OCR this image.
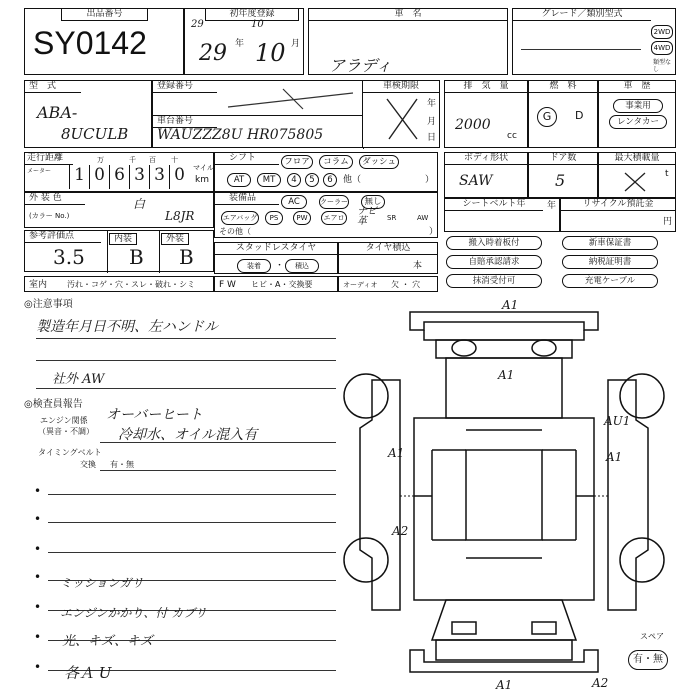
出品番号
SY0142
初年度登録
29
29 年
10
10 月
車　名
アラディ
グレード／類別型式
2WD
4WD
類型なし
型　式
ABA-
8UCULB
登録番号
車台番号
WAUZZZ8U HR075805
車検期限
年
月
日
排　気　量
2000
cc
燃　料
G	D
車　歴
事業用
レンタカー
走行距離
メーター
万	千 百 十
マイル
km
1 0 6 3 3 0
シフト	フロア	コラム	ダッシュ
AT	MT	4	5	6	他（	）
ボディ形状
SAW
ドア数
5
最大積載量
t
外 装 色
(カラー No.)
白
L8JR
装備品	AC	クーラー	無し
エアバッグ	PS	PW	エアロ	SR	AW
その他（
ナビ 革
）
シートベルト年	年	リサイクル預託金
円
参考評価点
3.5
内装
B
外装
B	スタッドレスタイヤ
装着	・	積込
タイヤ積込
本
搬入時着板付	新車保証書
自賠承認請求	納税証明書
抹消受付可	充電ケーブル
室内 汚れ・コゲ・穴・スレ・破れ・シミ	F W ヒビ・A・交換要	オーディオ 欠 ・ 穴
◎注意事項
製造年月日不明、左ハンドル
社外 AW
◎検査員報告
エンジン関係
（異音・不調）
オーバーヒート
冷却水、オイル混入有
タイミングベルト
交換 有・無
•
•
•
•
•
•
•
ミッションガリ
エンジンかかり、付 カブリ
光、キズ、キズ
各Ａ U
A1
A1
AU1
A1	A1
A2
A1	A2
スペア
有・無
